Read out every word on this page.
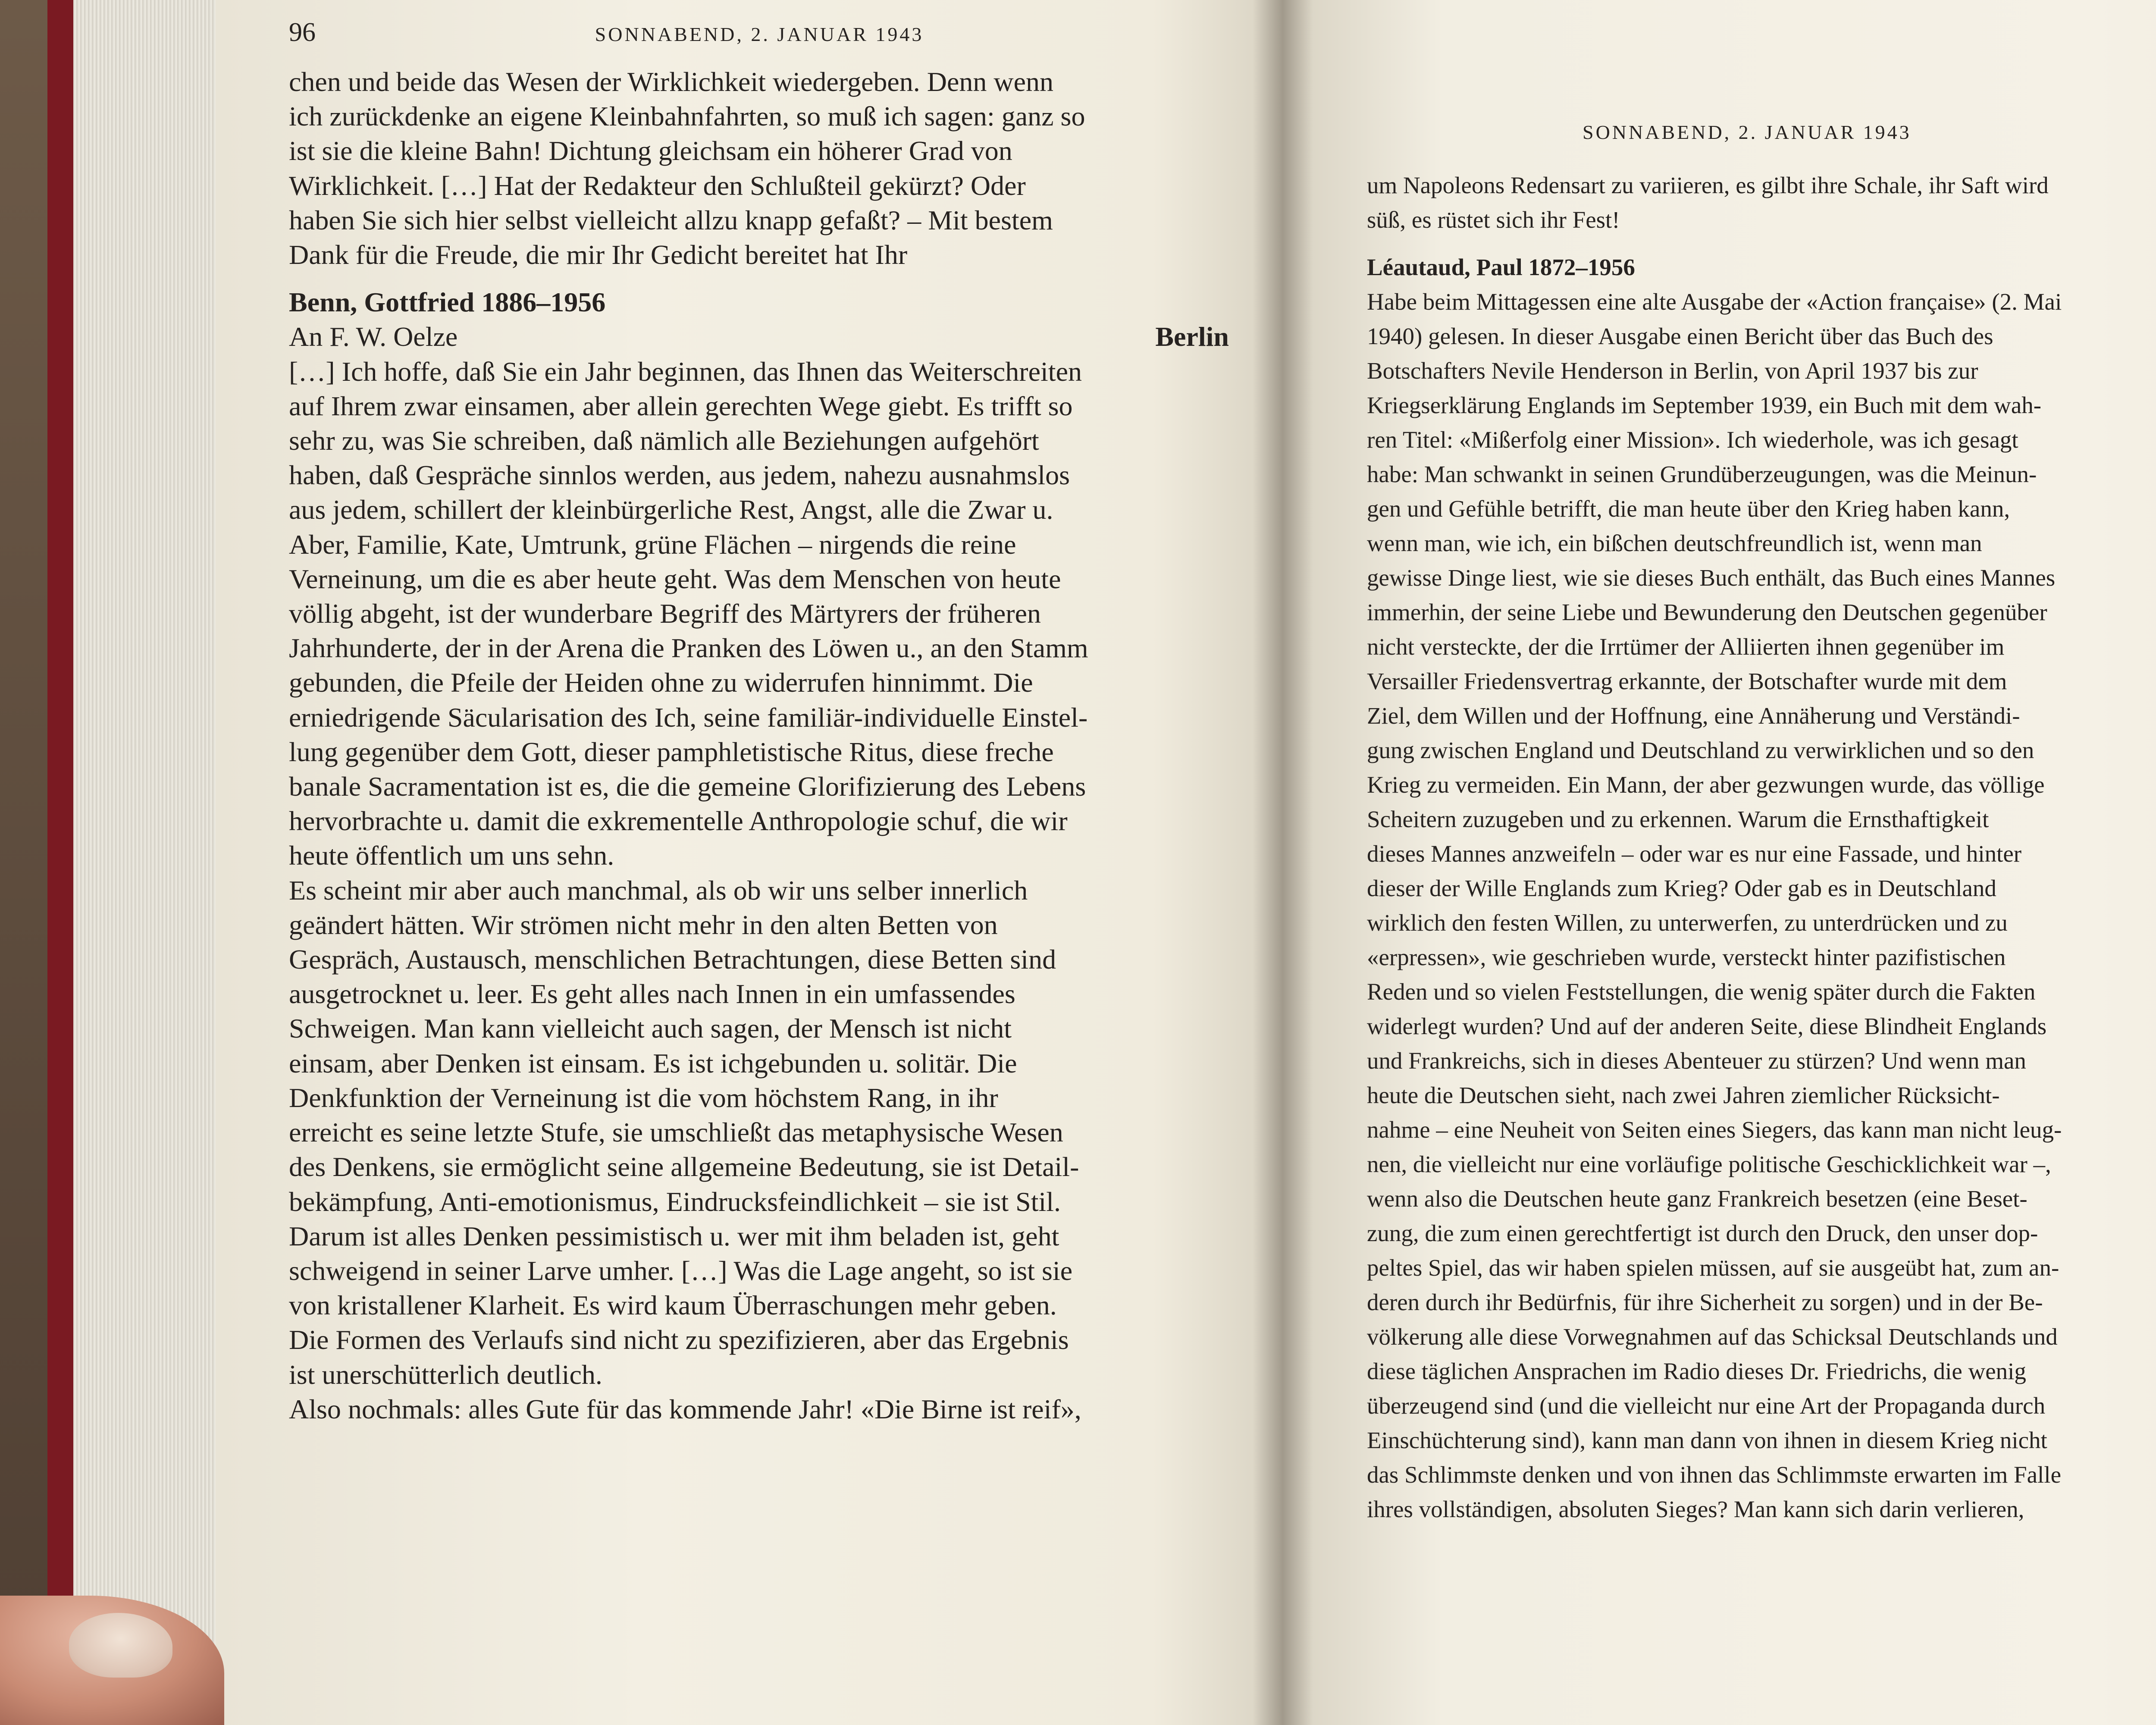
96	SONNABEND, 2. JANUAR 1943
chen und beide das Wesen der Wirklichkeit wiedergeben. Denn wenn
ich zurückdenke an eigene Kleinbahnfahrten, so muß ich sagen: ganz so
ist sie die kleine Bahn! Dichtung gleichsam ein höherer Grad von
Wirklichkeit. […] Hat der Redakteur den Schlußteil gekürzt? Oder
haben Sie sich hier selbst vielleicht allzu knapp gefaßt? – Mit bestem
Dank für die Freude, die mir Ihr Gedicht bereitet hat Ihr
Benn, Gottfried 1886–1956
An F. W. Oelze	Berlin
[…] Ich hoffe, daß Sie ein Jahr beginnen, das Ihnen das Weiterschreiten
auf Ihrem zwar einsamen, aber allein gerechten Wege giebt. Es trifft so
sehr zu, was Sie schreiben, daß nämlich alle Beziehungen aufgehört
haben, daß Gespräche sinnlos werden, aus jedem, nahezu ausnahmslos
aus jedem, schillert der kleinbürgerliche Rest, Angst, alle die Zwar u.
Aber, Familie, Kate, Umtrunk, grüne Flächen – nirgends die reine
Verneinung, um die es aber heute geht. Was dem Menschen von heute
völlig abgeht, ist der wunderbare Begriff des Märtyrers der früheren
Jahrhunderte, der in der Arena die Pranken des Löwen u., an den Stamm
gebunden, die Pfeile der Heiden ohne zu widerrufen hinnimmt. Die
erniedrigende Säcularisation des Ich, seine familiär-individuelle Einstel-
lung gegenüber dem Gott, dieser pamphletistische Ritus, diese freche
banale Sacramentation ist es, die die gemeine Glorifizierung des Lebens
hervorbrachte u. damit die exkrementelle Anthropologie schuf, die wir
heute öffentlich um uns sehn.
Es scheint mir aber auch manchmal, als ob wir uns selber innerlich
geändert hätten. Wir strömen nicht mehr in den alten Betten von
Gespräch, Austausch, menschlichen Betrachtungen, diese Betten sind
ausgetrocknet u. leer. Es geht alles nach Innen in ein umfassendes
Schweigen. Man kann vielleicht auch sagen, der Mensch ist nicht
einsam, aber Denken ist einsam. Es ist ichgebunden u. solitär. Die
Denkfunktion der Verneinung ist die vom höchstem Rang, in ihr
erreicht es seine letzte Stufe, sie umschließt das metaphysische Wesen
des Denkens, sie ermöglicht seine allgemeine Bedeutung, sie ist Detail-
bekämpfung, Anti-emotionismus, Eindrucksfeindlichkeit – sie ist Stil.
Darum ist alles Denken pessimistisch u. wer mit ihm beladen ist, geht
schweigend in seiner Larve umher. […] Was die Lage angeht, so ist sie
von kristallener Klarheit. Es wird kaum Überraschungen mehr geben.
Die Formen des Verlaufs sind nicht zu spezifizieren, aber das Ergebnis
ist unerschütterlich deutlich.
Also nochmals: alles Gute für das kommende Jahr! «Die Birne ist reif»,
SONNABEND, 2. JANUAR 1943
um Napoleons Redensart zu variieren, es gilbt ihre Schale, ihr Saft wird
süß, es rüstet sich ihr Fest!
Léautaud, Paul 1872–1956
Habe beim Mittagessen eine alte Ausgabe der «Action française» (2. Mai
1940) gelesen. In dieser Ausgabe einen Bericht über das Buch des
Botschafters Nevile Henderson in Berlin, von April 1937 bis zur
Kriegserklärung Englands im September 1939, ein Buch mit dem wah-
ren Titel: «Mißerfolg einer Mission». Ich wiederhole, was ich gesagt
habe: Man schwankt in seinen Grundüberzeugungen, was die Meinun-
gen und Gefühle betrifft, die man heute über den Krieg haben kann,
wenn man, wie ich, ein bißchen deutschfreundlich ist, wenn man
gewisse Dinge liest, wie sie dieses Buch enthält, das Buch eines Mannes
immerhin, der seine Liebe und Bewunderung den Deutschen gegenüber
nicht versteckte, der die Irrtümer der Alliierten ihnen gegenüber im
Versailler Friedensvertrag erkannte, der Botschafter wurde mit dem
Ziel, dem Willen und der Hoffnung, eine Annäherung und Verständi-
gung zwischen England und Deutschland zu verwirklichen und so den
Krieg zu vermeiden. Ein Mann, der aber gezwungen wurde, das völlige
Scheitern zuzugeben und zu erkennen. Warum die Ernsthaftigkeit
dieses Mannes anzweifeln – oder war es nur eine Fassade, und hinter
dieser der Wille Englands zum Krieg? Oder gab es in Deutschland
wirklich den festen Willen, zu unterwerfen, zu unterdrücken und zu
«erpressen», wie geschrieben wurde, versteckt hinter pazifistischen
Reden und so vielen Feststellungen, die wenig später durch die Fakten
widerlegt wurden? Und auf der anderen Seite, diese Blindheit Englands
und Frankreichs, sich in dieses Abenteuer zu stürzen? Und wenn man
heute die Deutschen sieht, nach zwei Jahren ziemlicher Rücksicht-
nahme – eine Neuheit von Seiten eines Siegers, das kann man nicht leug-
nen, die vielleicht nur eine vorläufige politische Geschicklichkeit war –,
wenn also die Deutschen heute ganz Frankreich besetzen (eine Beset-
zung, die zum einen gerechtfertigt ist durch den Druck, den unser dop-
peltes Spiel, das wir haben spielen müssen, auf sie ausgeübt hat, zum an-
deren durch ihr Bedürfnis, für ihre Sicherheit zu sorgen) und in der Be-
völkerung alle diese Vorwegnahmen auf das Schicksal Deutschlands und
diese täglichen Ansprachen im Radio dieses Dr. Friedrichs, die wenig
überzeugend sind (und die vielleicht nur eine Art der Propaganda durch
Einschüchterung sind), kann man dann von ihnen in diesem Krieg nicht
das Schlimmste denken und von ihnen das Schlimmste erwarten im Falle
ihres vollständigen, absoluten Sieges? Man kann sich darin verlieren,
